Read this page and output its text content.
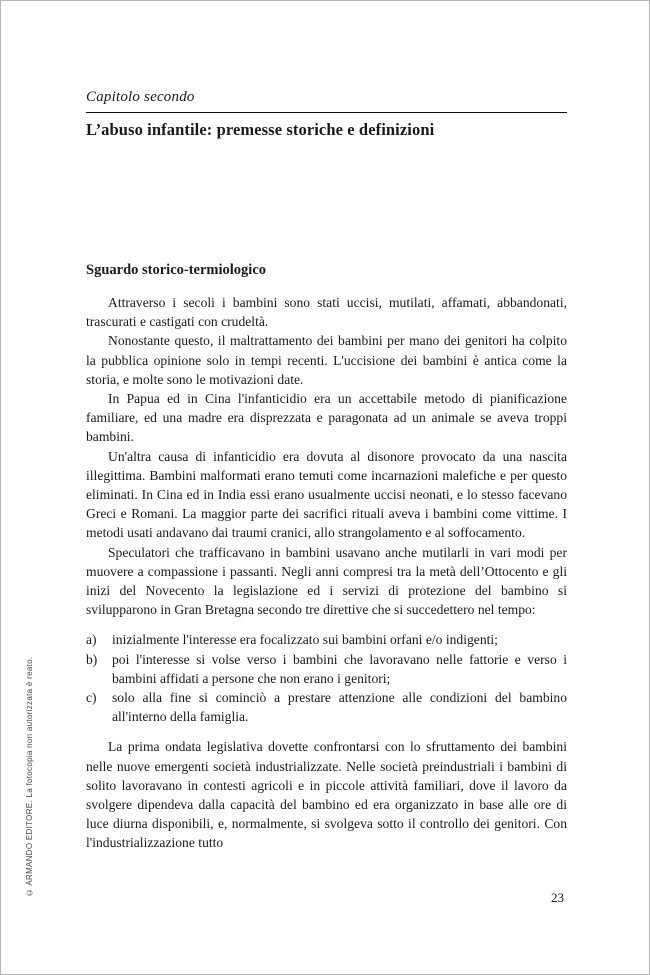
© ARMANDO EDITORE. La fotocopia non autorizzata è reato.

Capitolo secondo

L’abuso infantile: premesse storiche e definizioni
Sguardo storico-termiologico

Attraverso i secoli i bambini sono stati uccisi, mutilati, affamati, abbandonati, trascurati e castigati con crudeltà.

Nonostante questo, il maltrattamento dei bambini per mano dei genitori ha colpito la pubblica opinione solo in tempi recenti. L'uccisione dei bambini è antica come la storia, e molte sono le motivazioni date.

In Papua ed in Cina l'infanticidio era un accettabile metodo di pianificazione familiare, ed una madre era disprezzata e paragonata ad un animale se aveva troppi bambini.

Un'altra causa di infanticidio era dovuta al disonore provocato da una nascita illegittima. Bambini malformati erano temuti come incarnazioni malefiche e per questo eliminati. In Cina ed in India essi erano usualmente uccisi neonati, e lo stesso facevano Greci e Romani. La maggior parte dei sacrifici rituali aveva i bambini come vittime. I metodi usati andavano dai traumi cranici, allo strangolamento e al soffocamento.

Speculatori che trafficavano in bambini usavano anche mutilarli in vari modi per muovere a compassione i passanti. Negli anni compresi tra la metà dell’Ottocento e gli inizi del Novecento la legislazione ed i servizi di protezione del bambino si svilupparono in Gran Bretagna secondo tre direttive che si succedettero nel tempo:

a)	inizialmente l'interesse era focalizzato sui bambini orfani e/o indigenti;
b)	poi l'interesse si volse verso i bambini che lavoravano nelle fattorie e verso i bambini affidati a persone che non erano i genitori;
c)	solo alla fine si cominciò a prestare attenzione alle condizioni del bambino all'interno della famiglia.

La prima ondata legislativa dovette confrontarsi con lo sfruttamento dei bambini nelle nuove emergenti società industrializzate. Nelle società preindustriali i bambini di solito lavoravano in contesti agricoli e in piccole attività familiari, dove il lavoro da svolgere dipendeva dalla capacità del bambino ed era organizzato in base alle ore di luce diurna disponibili, e, normalmente, si svolgeva sotto il controllo dei genitori. Con l'industrializzazione tutto

23
